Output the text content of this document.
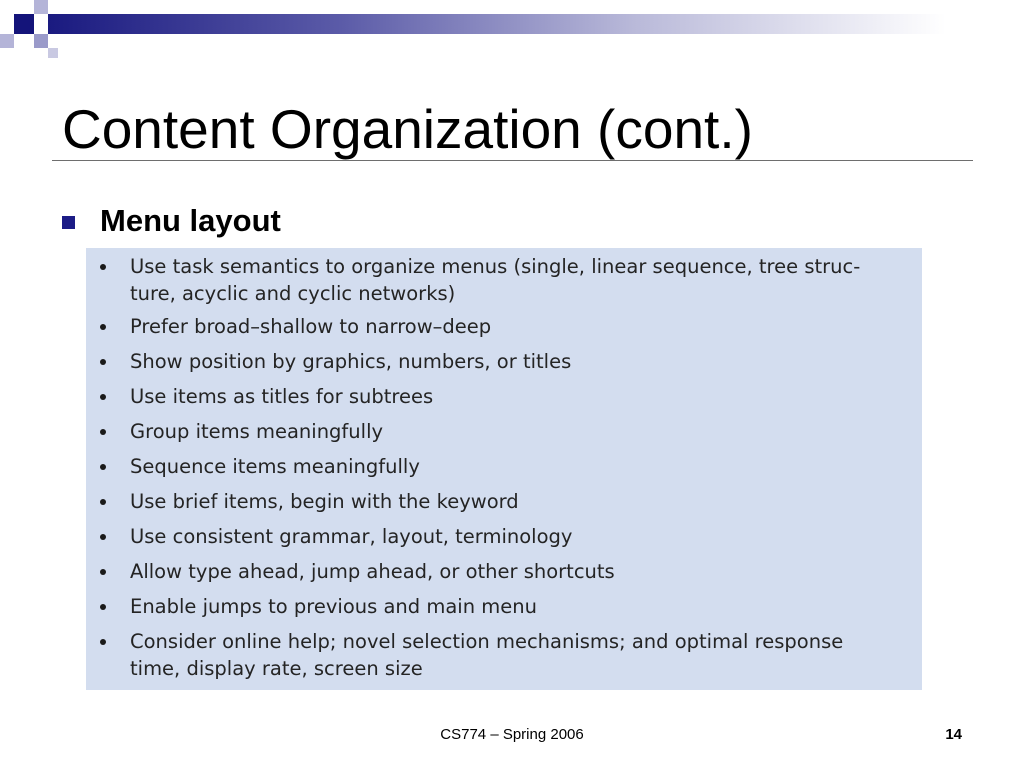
Content Organization (cont.)
Menu layout
Use task semantics to organize menus (single, linear sequence, tree struc-
ture, acyclic and cyclic networks)
Prefer broad–shallow to narrow–deep
Show position by graphics, numbers, or titles
Use items as titles for subtrees
Group items meaningfully
Sequence items meaningfully
Use brief items, begin with the keyword
Use consistent grammar, layout, terminology
Allow type ahead, jump ahead, or other shortcuts
Enable jumps to previous and main menu
Consider online help; novel selection mechanisms; and optimal response
time, display rate, screen size
CS774 – Spring 2006	14
